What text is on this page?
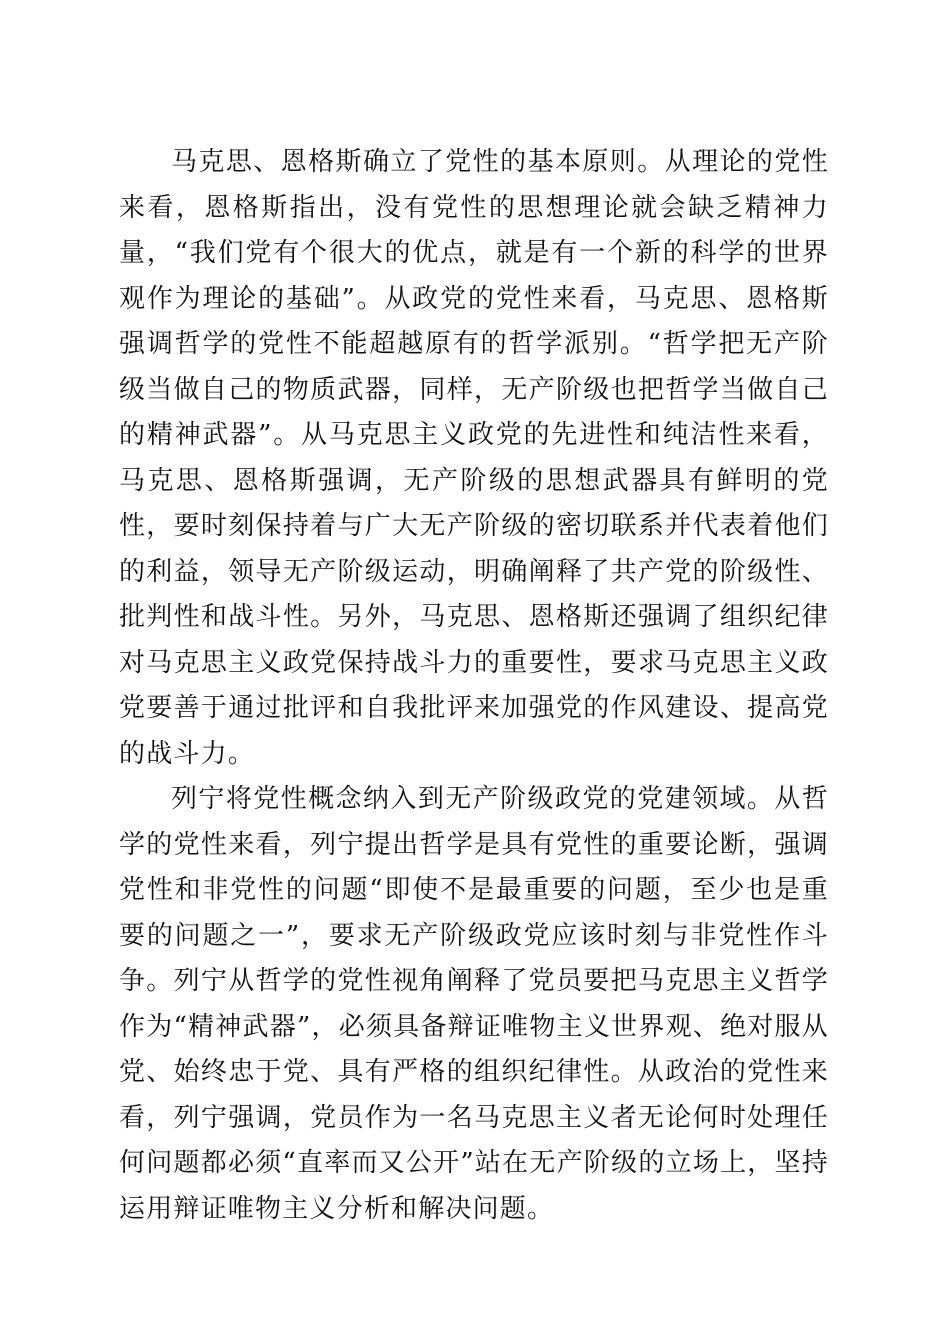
马克思、恩格斯确立了党性的基本原则。从理论的党性来看，恩格斯指出，没有党性的思想理论就会缺乏精神力量，“我们党有个很大的优点，就是有一个新的科学的世界观作为理论的基础”。从政党的党性来看，马克思、恩格斯强调哲学的党性不能超越原有的哲学派别。“哲学把无产阶级当做自己的物质武器，同样，无产阶级也把哲学当做自己的精神武器”。从马克思主义政党的先进性和纯洁性来看，马克思、恩格斯强调，无产阶级的思想武器具有鲜明的党性，要时刻保持着与广大无产阶级的密切联系并代表着他们的利益，领导无产阶级运动，明确阐释了共产党的阶级性、批判性和战斗性。另外，马克思、恩格斯还强调了组织纪律对马克思主义政党保持战斗力的重要性，要求马克思主义政党要善于通过批评和自我批评来加强党的作风建设、提高党的战斗力。

列宁将党性概念纳入到无产阶级政党的党建领域。从哲学的党性来看，列宁提出哲学是具有党性的重要论断，强调党性和非党性的问题“即使不是最重要的问题，至少也是重要的问题之一”，要求无产阶级政党应该时刻与非党性作斗争。列宁从哲学的党性视角阐释了党员要把马克思主义哲学作为“精神武器”，必须具备辩证唯物主义世界观、绝对服从党、始终忠于党、具有严格的组织纪律性。从政治的党性来看，列宁强调，党员作为一名马克思主义者无论何时处理任何问题都必须“直率而又公开”站在无产阶级的立场上，坚持运用辩证唯物主义分析和解决问题。
